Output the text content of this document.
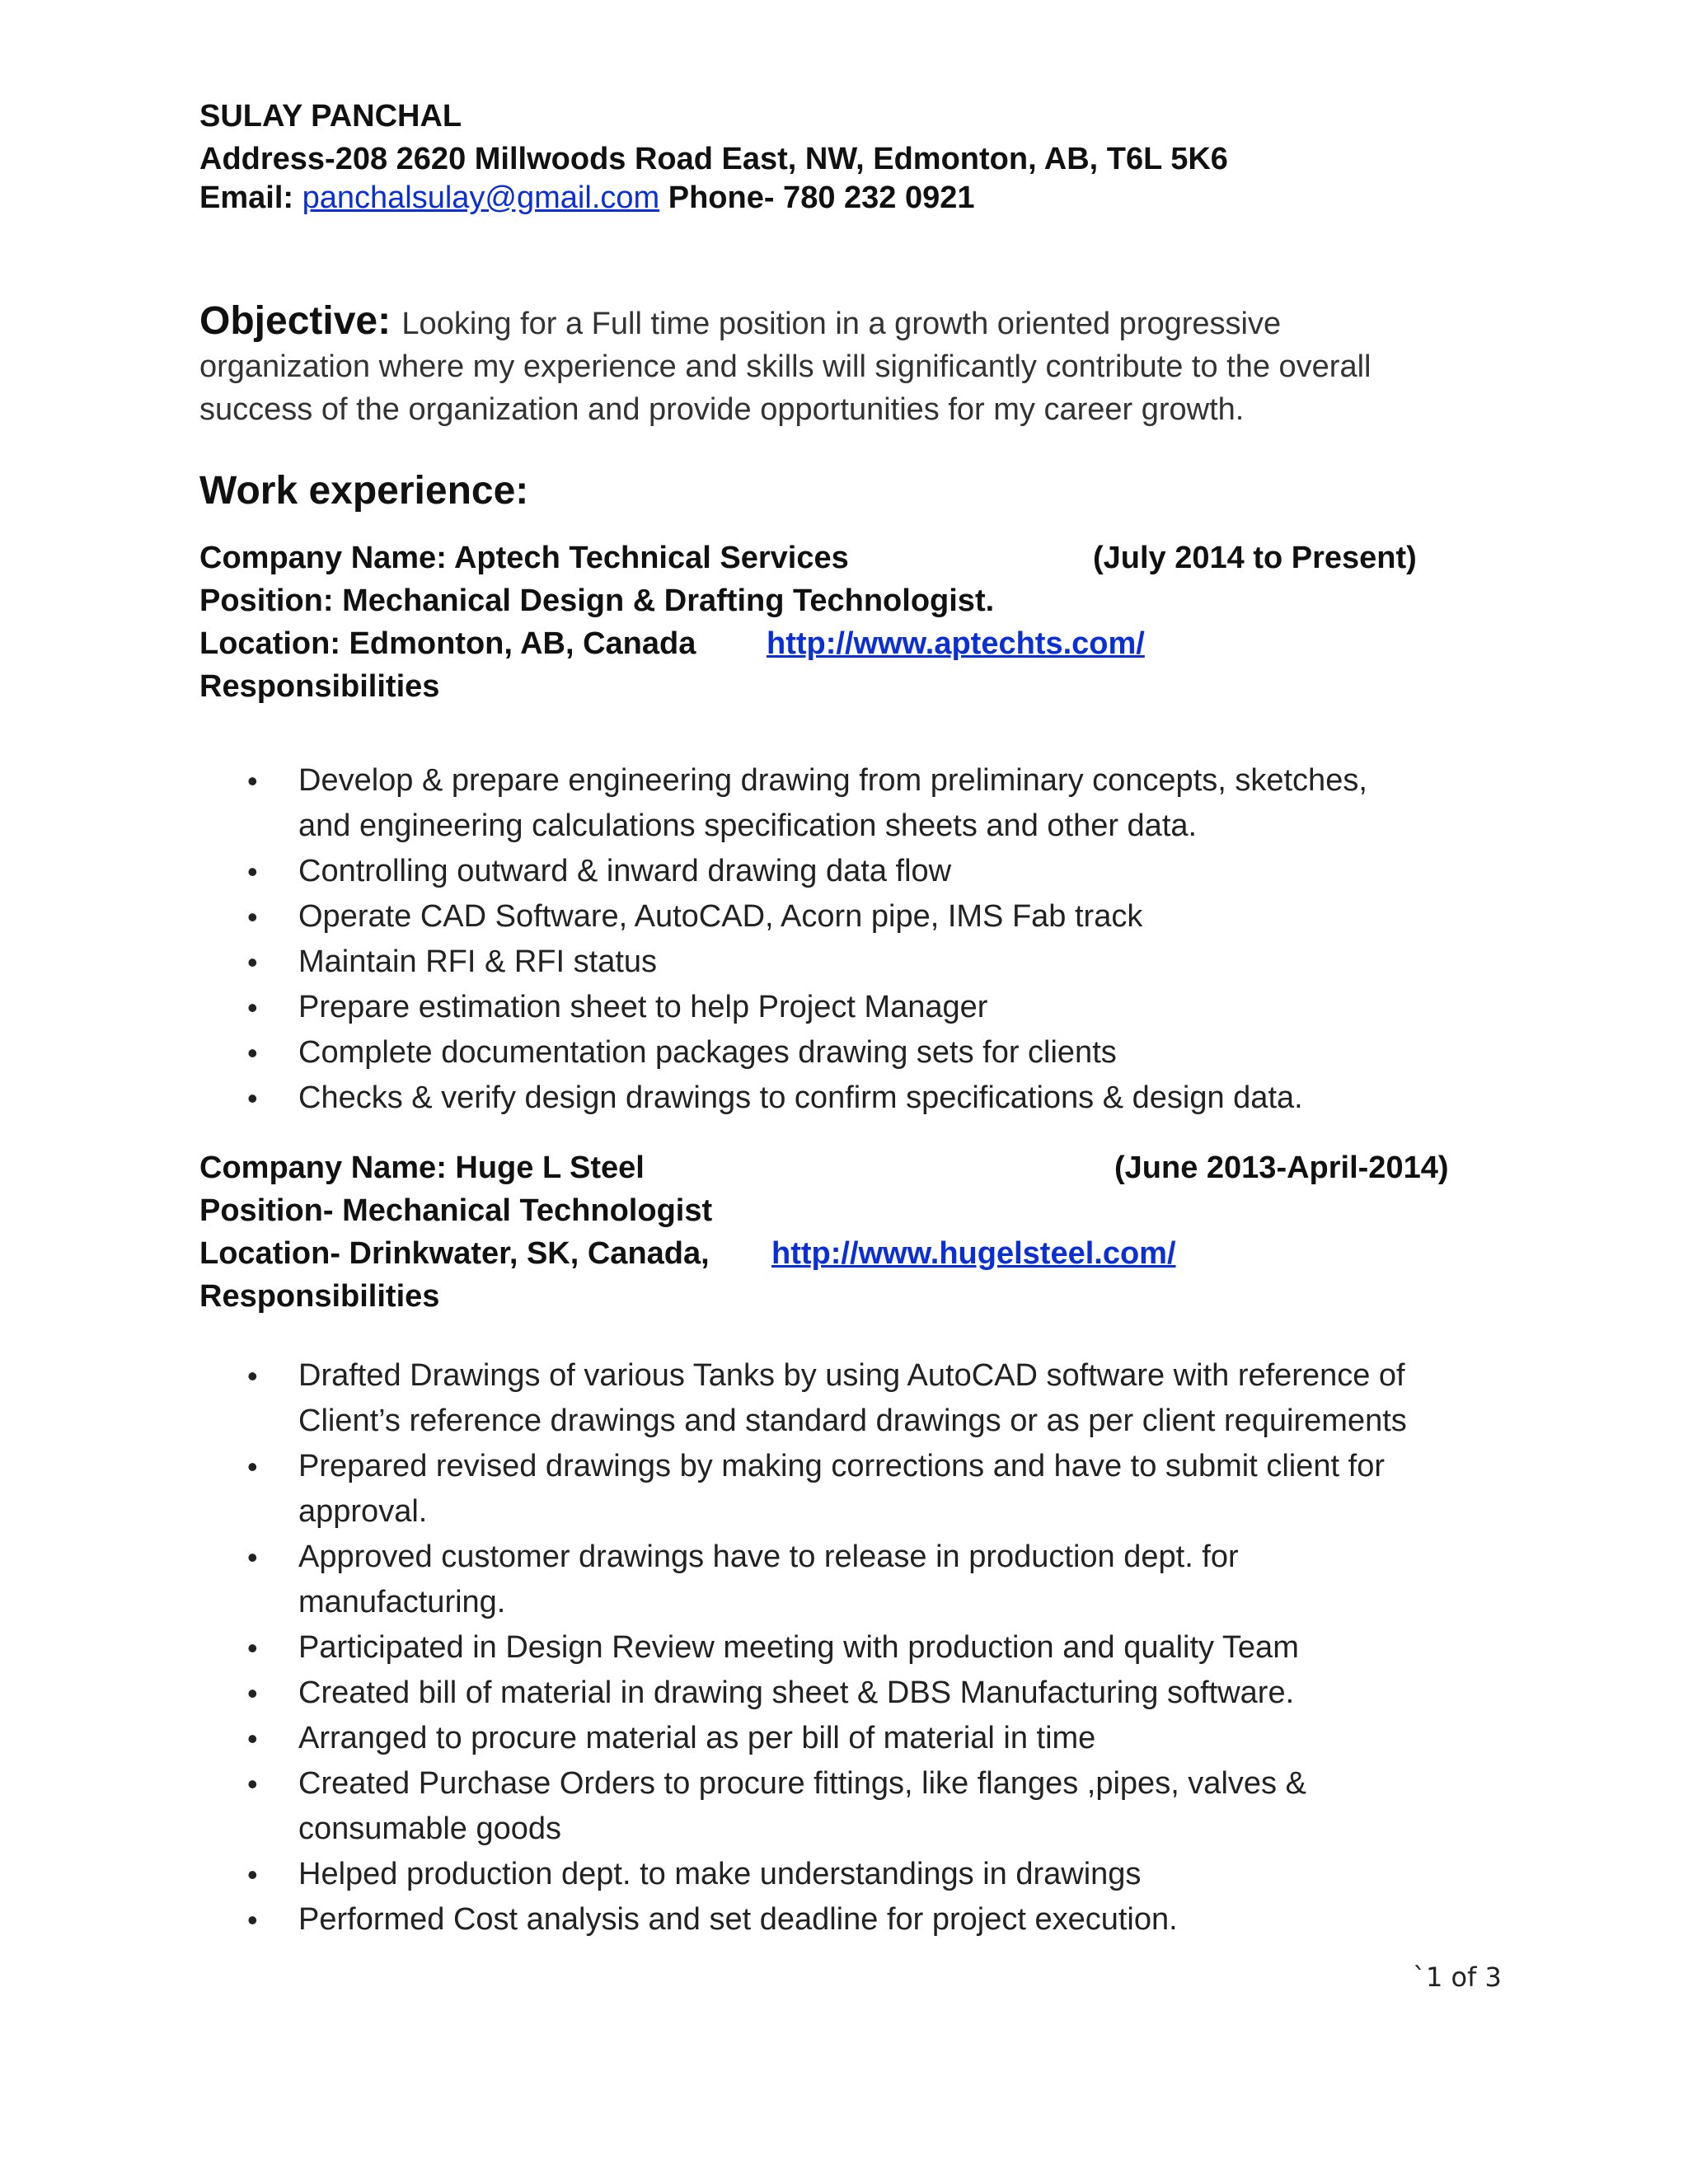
SULAY PANCHAL
Address-208 2620 Millwoods Road East, NW, Edmonton, AB, T6L 5K6
Email: panchalsulay@gmail.com Phone- 780 232 0921
Objective: Looking for a Full time position in a growth oriented progressive
organization where my experience and skills will significantly contribute to the overall
success of the organization and provide opportunities for my career growth.
Work experience:
Company Name: Aptech Technical Services	(July 2014 to Present)
Position: Mechanical Design & Drafting Technologist.
Location: Edmonton, AB, Canada http://www.aptechts.com/
Responsibilities
• Develop & prepare engineering drawing from preliminary concepts, sketches,
and engineering calculations specification sheets and other data.
• Controlling outward & inward drawing data flow
• Operate CAD Software, AutoCAD, Acorn pipe, IMS Fab track
• Maintain RFI & RFI status
• Prepare estimation sheet to help Project Manager
• Complete documentation packages drawing sets for clients
• Checks & verify design drawings to confirm specifications & design data.
Company Name: Huge L Steel	(June 2013-April-2014)
Position- Mechanical Technologist
Location- Drinkwater, SK, Canada, http://www.hugelsteel.com/
Responsibilities
• Drafted Drawings of various Tanks by using AutoCAD software with reference of
Client’s reference drawings and standard drawings or as per client requirements
• Prepared revised drawings by making corrections and have to submit client for
approval.
• Approved customer drawings have to release in production dept. for
manufacturing.
• Participated in Design Review meeting with production and quality Team
• Created bill of material in drawing sheet & DBS Manufacturing software.
• Arranged to procure material as per bill of material in time
• Created Purchase Orders to procure fittings, like flanges ,pipes, valves &
consumable goods
• Helped production dept. to make understandings in drawings
• Performed Cost analysis and set deadline for project execution.
`1 of 3
